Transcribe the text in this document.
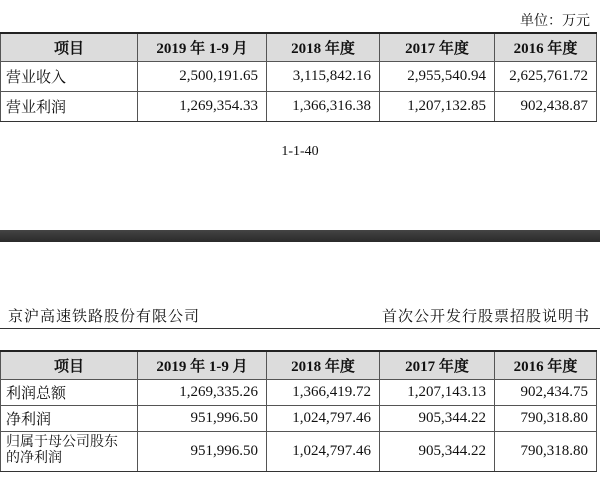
单位：万元
项目	2019 年 1-9 月	2018 年度	2017 年度	2016 年度
营业收入	2,500,191.65	3,115,842.16	2,955,540.94	2,625,761.72
营业利润	1,269,354.33	1,366,316.38	1,207,132.85	902,438.87
1-1-40
京沪高速铁路股份有限公司	首次公开发行股票招股说明书
项目	2019 年 1-9 月	2018 年度	2017 年度	2016 年度
利润总额	1,269,335.26	1,366,419.72	1,207,143.13	902,434.75
净利润	951,996.50	1,024,797.46	905,344.22	790,318.80
归属于母公司股东的净利润	951,996.50	1,024,797.46	905,344.22	790,318.80
